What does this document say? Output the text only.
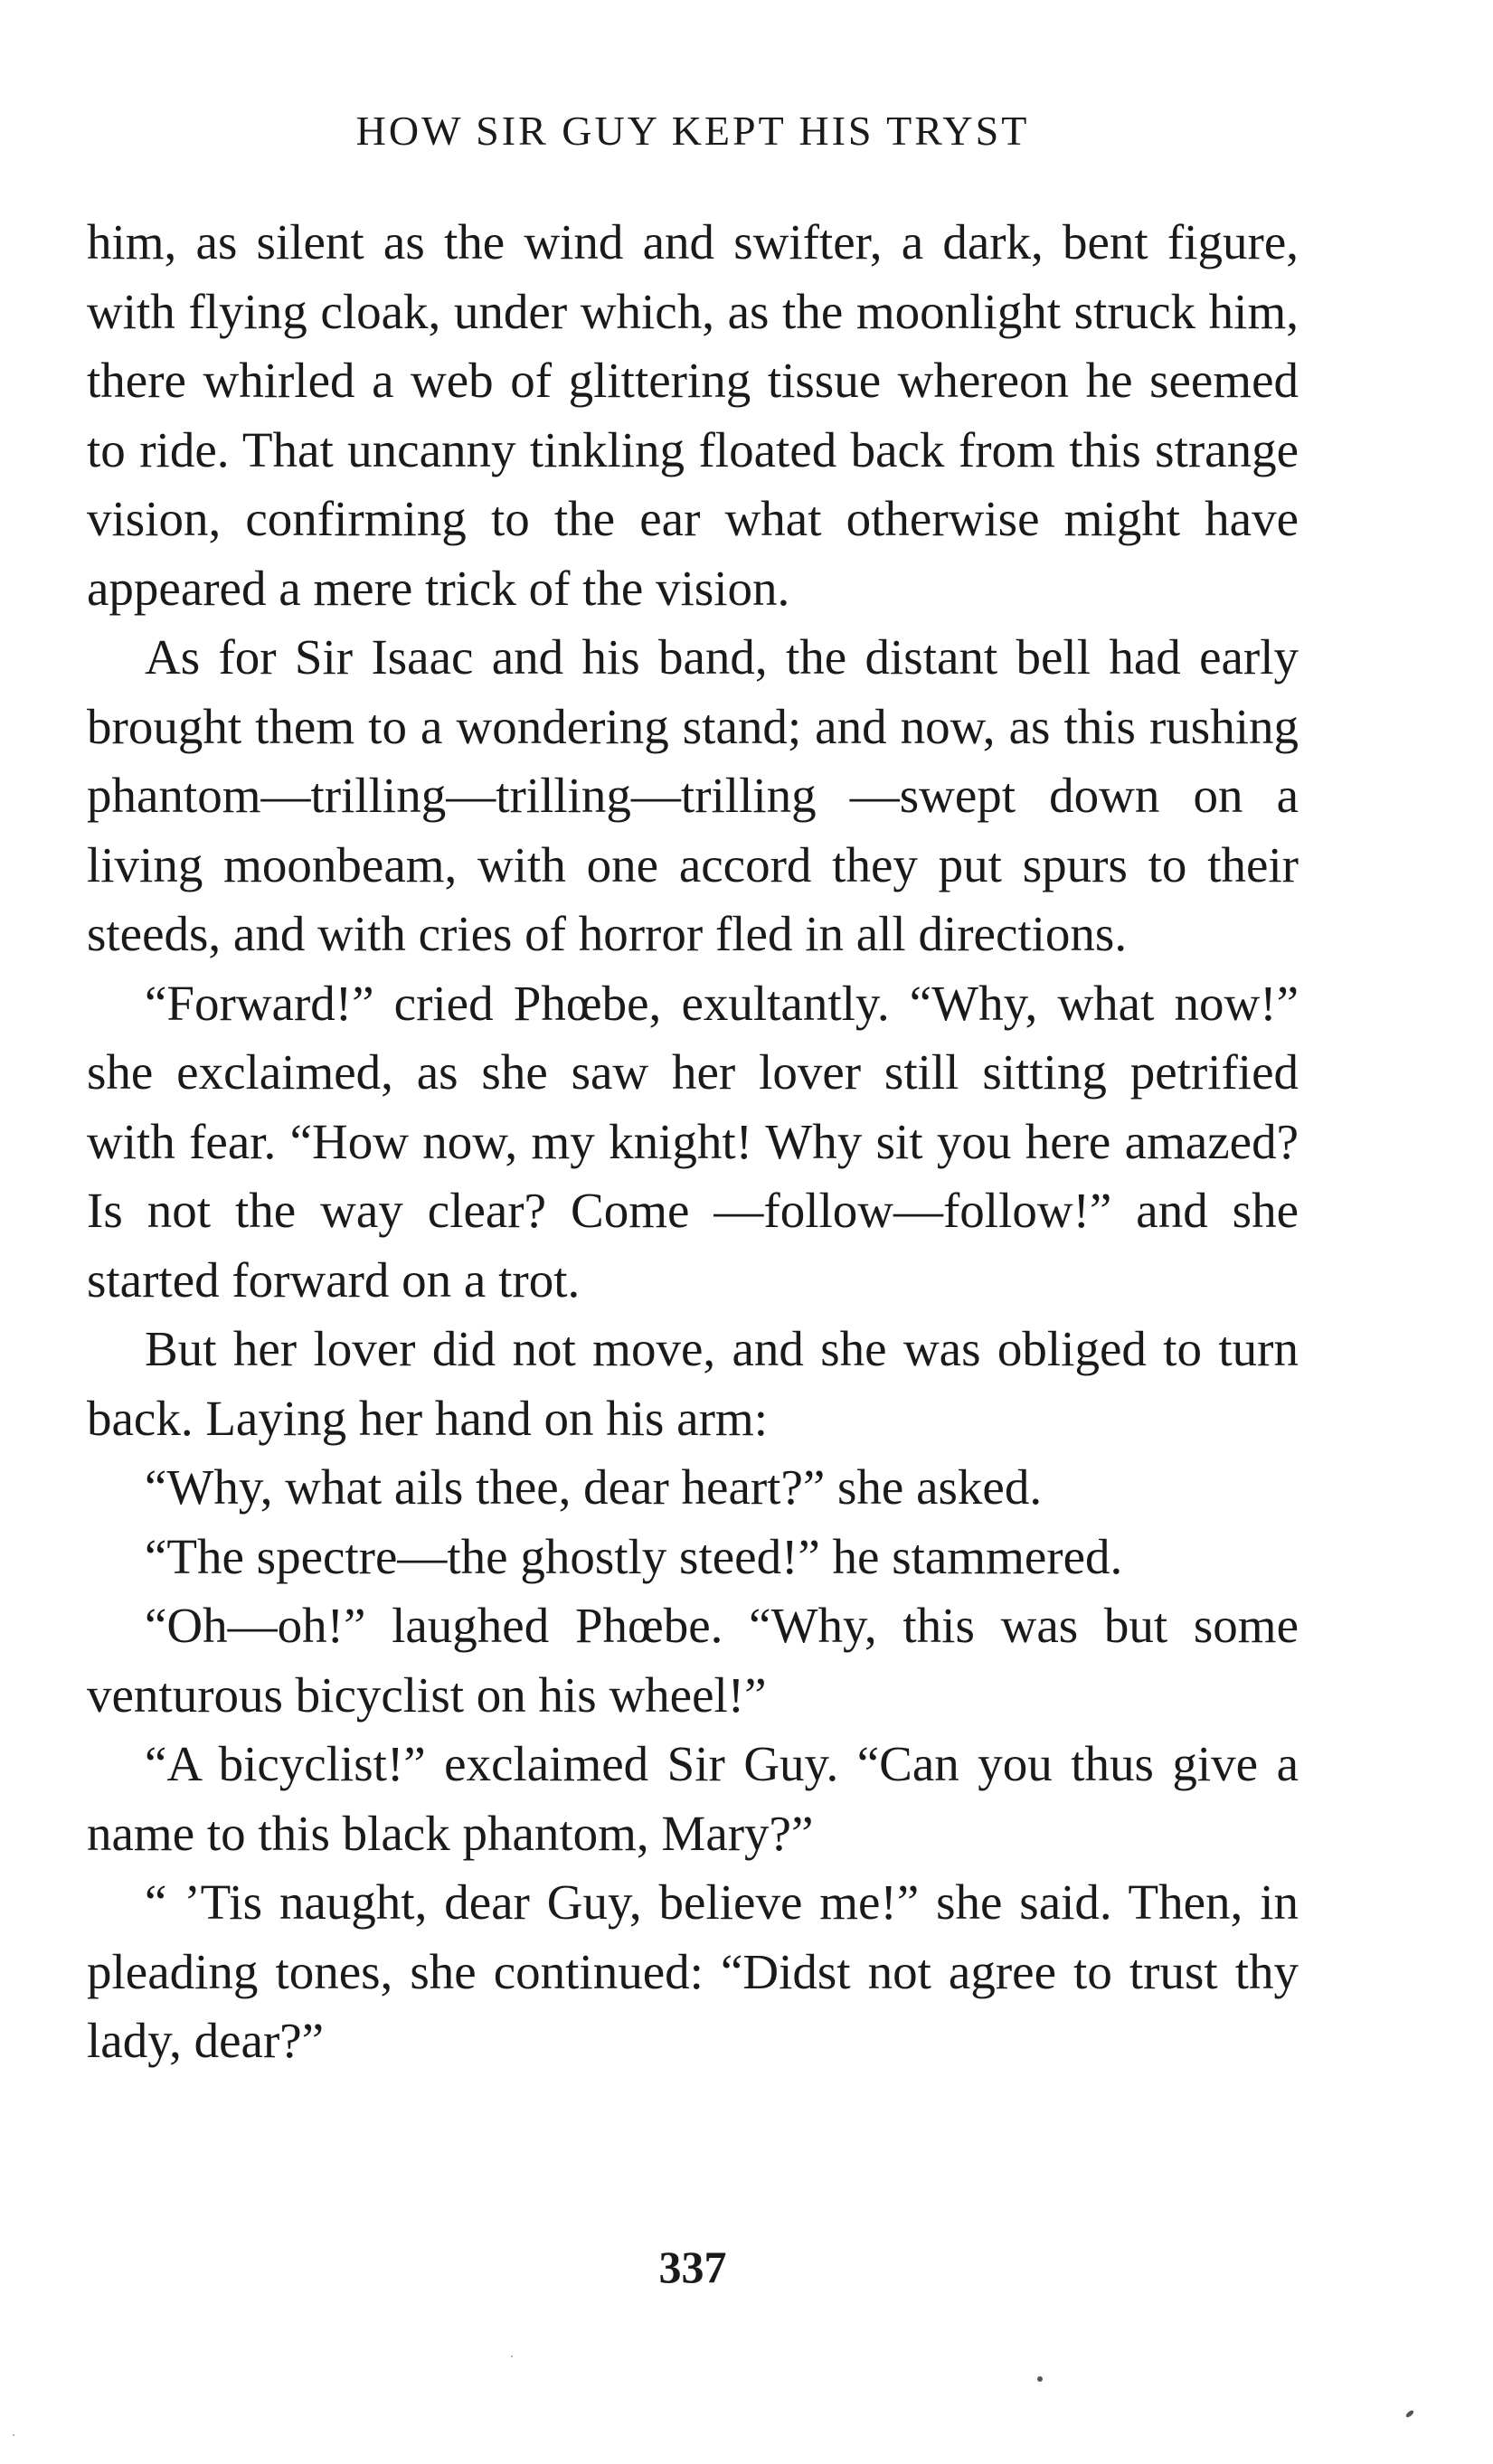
HOW SIR GUY KEPT HIS TRYST

him, as silent as the wind and swifter, a dark, bent figure, with flying cloak, under which, as the moonlight struck him, there whirled a web of glittering tissue whereon he seemed to ride. That uncanny tinkling floated back from this strange vision, confirming to the ear what otherwise might have appeared a mere trick of the vision.

As for Sir Isaac and his band, the distant bell had early brought them to a wondering stand; and now, as this rushing phantom—trilling—trilling—trilling —swept down on a living moonbeam, with one accord they put spurs to their steeds, and with cries of horror fled in all directions.

“Forward!” cried Phœbe, exultantly. “Why, what now!” she exclaimed, as she saw her lover still sitting petrified with fear. “How now, my knight! Why sit you here amazed? Is not the way clear? Come —follow—follow!” and she started forward on a trot.

But her lover did not move, and she was obliged to turn back. Laying her hand on his arm:

“Why, what ails thee, dear heart?” she asked.

“The spectre—the ghostly steed!” he stammered.

“Oh—oh!” laughed Phœbe. “Why, this was but some venturous bicyclist on his wheel!”

“A bicyclist!” exclaimed Sir Guy. “Can you thus give a name to this black phantom, Mary?”

“ ’Tis naught, dear Guy, believe me!” she said. Then, in pleading tones, she continued: “Didst not agree to trust thy lady, dear?”

337
